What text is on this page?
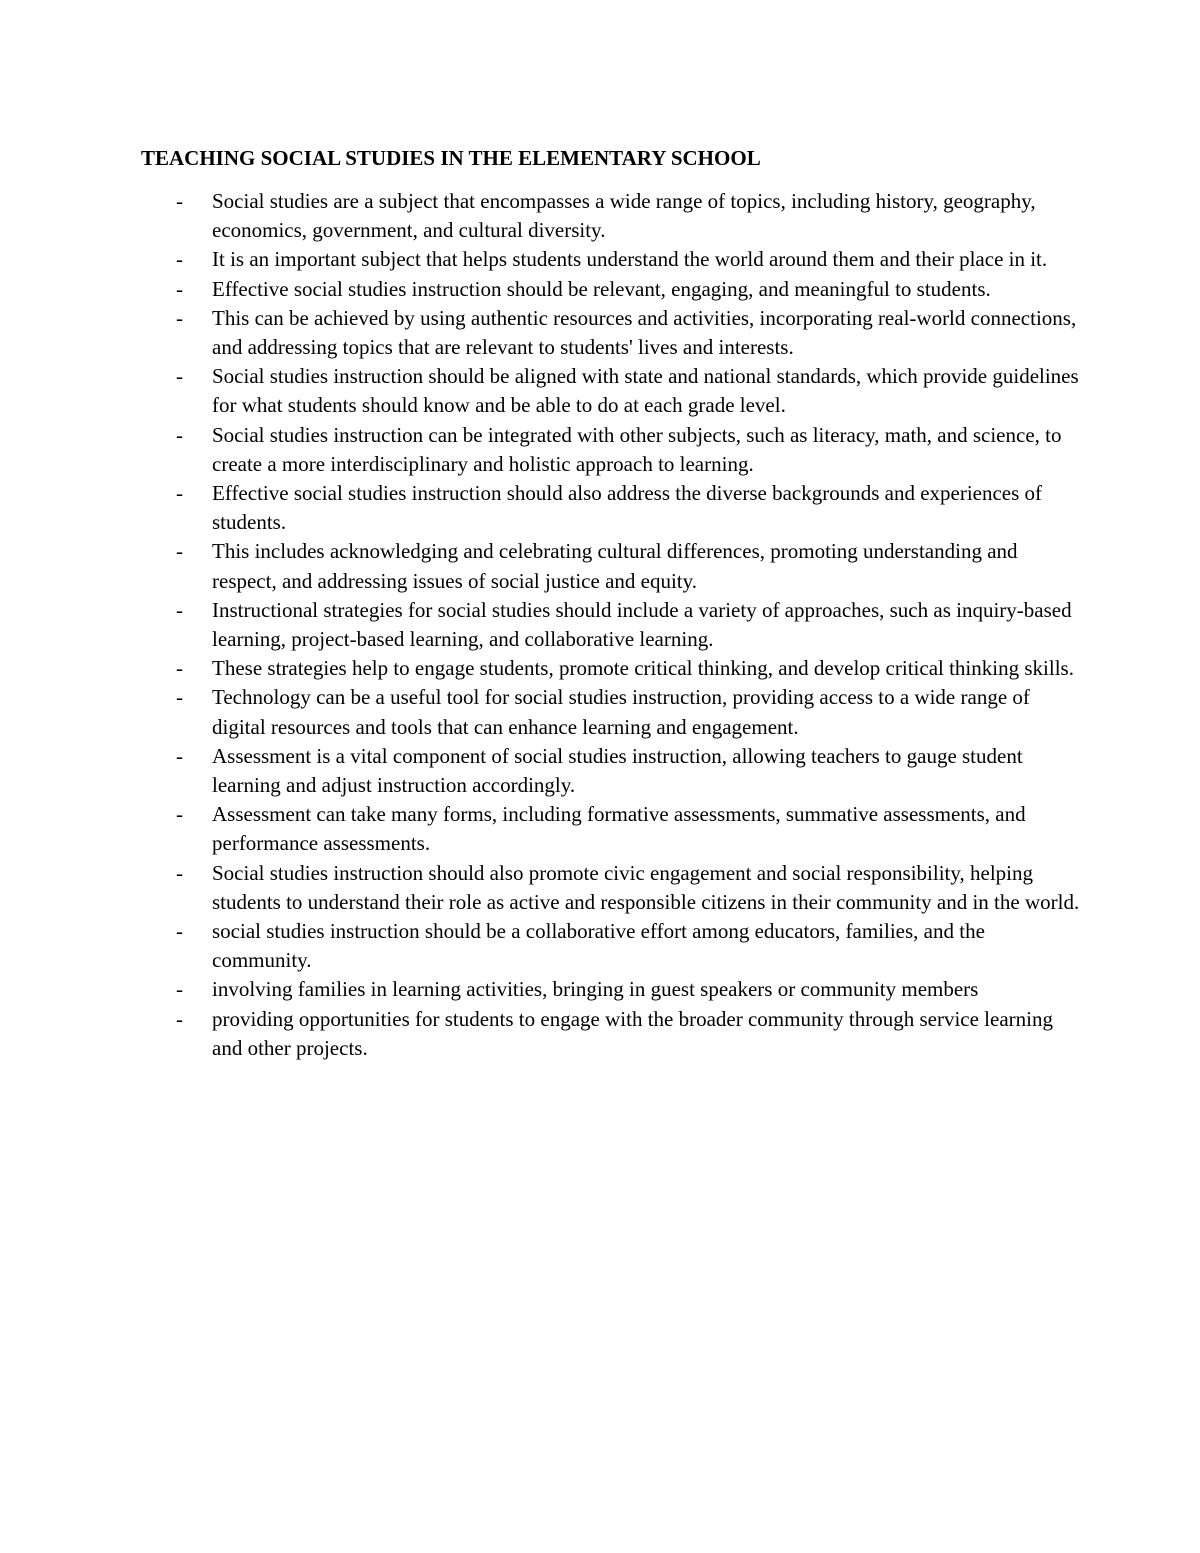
TEACHING SOCIAL STUDIES IN THE ELEMENTARY SCHOOL
- Social studies are a subject that encompasses a wide range of topics, including history, geography, economics, government, and cultural diversity.
- It is an important subject that helps students understand the world around them and their place in it.
- Effective social studies instruction should be relevant, engaging, and meaningful to students.
- This can be achieved by using authentic resources and activities, incorporating real-world connections, and addressing topics that are relevant to students' lives and interests.
- Social studies instruction should be aligned with state and national standards, which provide guidelines for what students should know and be able to do at each grade level.
- Social studies instruction can be integrated with other subjects, such as literacy, math, and science, to create a more interdisciplinary and holistic approach to learning.
- Effective social studies instruction should also address the diverse backgrounds and experiences of students.
- This includes acknowledging and celebrating cultural differences, promoting understanding and respect, and addressing issues of social justice and equity.
- Instructional strategies for social studies should include a variety of approaches, such as inquiry-based learning, project-based learning, and collaborative learning.
- These strategies help to engage students, promote critical thinking, and develop critical thinking skills.
- Technology can be a useful tool for social studies instruction, providing access to a wide range of digital resources and tools that can enhance learning and engagement.
- Assessment is a vital component of social studies instruction, allowing teachers to gauge student learning and adjust instruction accordingly.
- Assessment can take many forms, including formative assessments, summative assessments, and performance assessments.
- Social studies instruction should also promote civic engagement and social responsibility, helping students to understand their role as active and responsible citizens in their community and in the world.
- social studies instruction should be a collaborative effort among educators, families, and the community.
- involving families in learning activities, bringing in guest speakers or community members
- providing opportunities for students to engage with the broader community through service learning and other projects.
